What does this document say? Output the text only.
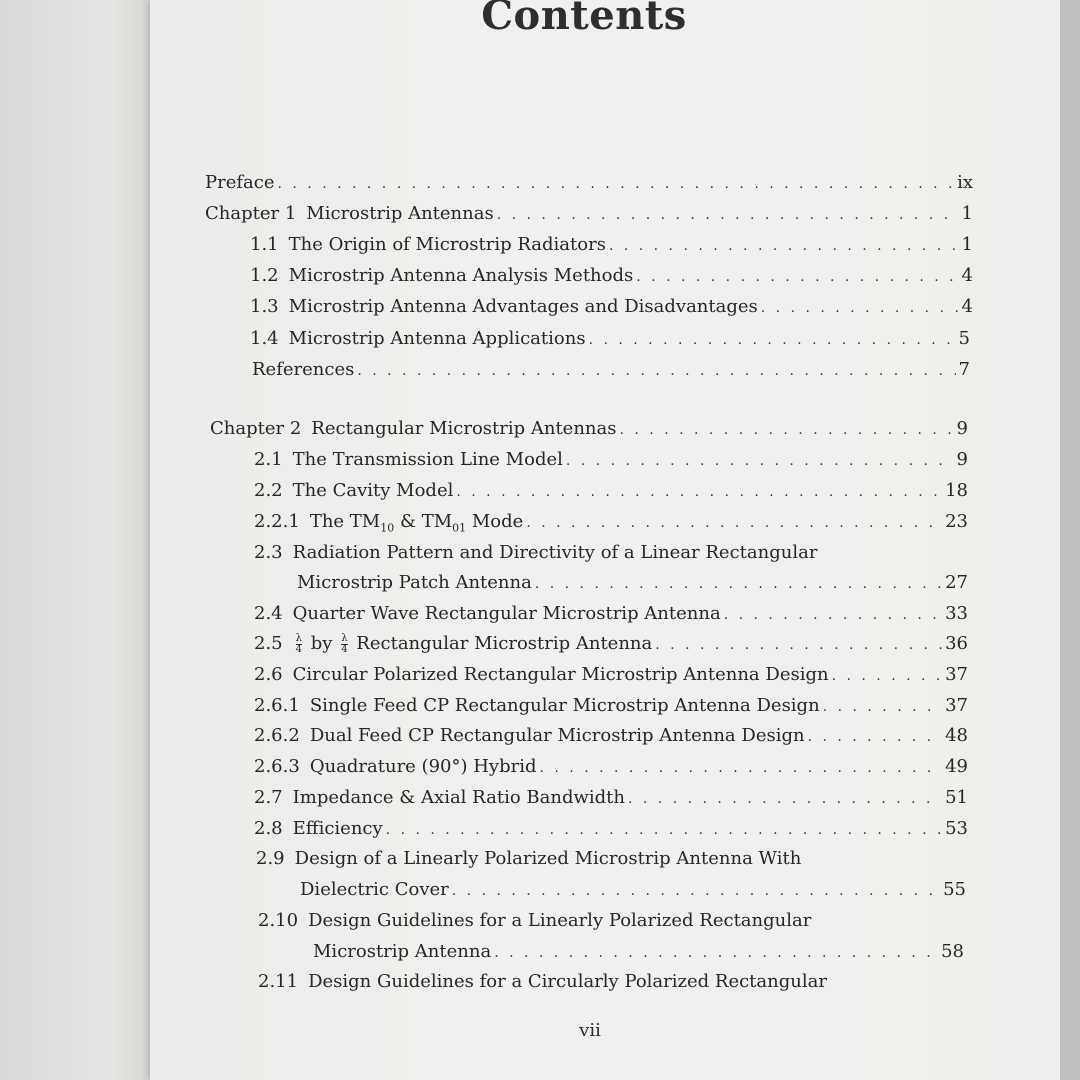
Contents
Preface . . .	ix
Chapter 1 Microstrip Antennas . . .	1
1.1 The Origin of Microstrip Radiators . . .	1
1.2 Microstrip Antenna Analysis Methods . . .	4
1.3 Microstrip Antenna Advantages and Disadvantages . . .	4
1.4 Microstrip Antenna Applications . . .	5
References . . .	7
Chapter 2 Rectangular Microstrip Antennas . . .	9
2.1 The Transmission Line Model . . .	9
2.2 The Cavity Model . . .	18
2.2.1 The $TM_{10}$ & $TM_{01}$ Mode . . .	23
2.3 Radiation Pattern and Directivity of a Linear Rectangular
Microstrip Patch Antenna . . .	27
2.4 Quarter Wave Rectangular Microstrip Antenna . . .	33
$2.5 \frac{\lambda}{4}$ by $\frac{\lambda}{4}$ Rectangular Microstrip Antenna . . .	36
2.6 Circular Polarized Rectangular Microstrip Antenna Design . . .	37
2.6.1 Single Feed CP Rectangular Microstrip Antenna Design . . .	37
2.6.2 Dual Feed CP Rectangular Microstrip Antenna Design . . .	48
2.6.3 Quadrature (90°) Hybrid . . .	49
2.7 Impedance & Axial Ratio Bandwidth . . .	51
2.8 Efficiency . . .	53
2.9 Design of a Linearly Polarized Microstrip Antenna With
Dielectric Cover . . .	55
2.10 Design Guidelines for a Linearly Polarized Rectangular
Microstrip Antenna . . .	58
2.11 Design Guidelines for a Circularly Polarized Rectangular
vii
